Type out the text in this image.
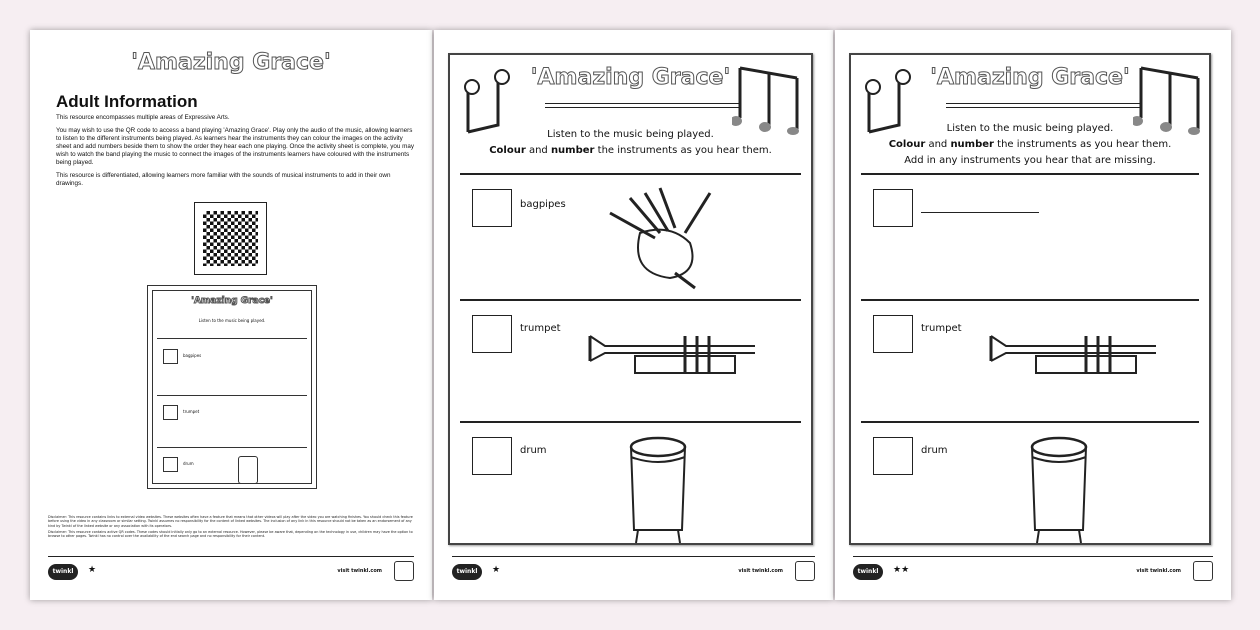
'Amazing Grace'
Adult Information

This resource encompasses multiple areas of Expressive Arts.

You may wish to use the QR code to access a band playing 'Amazing Grace'. Play only the audio of the music, allowing learners to listen to the different instruments being played. As learners hear the instruments they can colour the images on the activity sheet and add numbers beside them to show the order they hear each one playing. Once the activity sheet is complete, you may wish to watch the band playing the music to connect the images of the instruments learners have coloured with the instruments being played.

This resource is differentiated, allowing learners more familiar with the sounds of musical instruments to add in their own drawings.

'Amazing Grace'
Listen to the music being played.
bagpipes
trumpet
drum

Disclaimer: This resource contains links to external video websites. These websites often have a feature that means that other videos will play after the video you are watching finishes. You should check this feature before using the video in any classroom or similar setting. Twinkl assumes no responsibility for the content of linked websites. The inclusion of any link in this resource should not be taken as an endorsement of any kind by Twinkl of the linked website or any association with its operators.

Disclaimer: This resource contains active QR codes. These codes should initially only go to an external resource. However, please be aware that, depending on the technology in use, children may have the option to browse to other pages. Twinkl has no control over the availability of the end search page and no responsibility for their content.

twinkl	★	visit twinkl.com
'Amazing Grace'
Listen to the music being played.
Colour and number the instruments as you hear them.
bagpipes
trumpet
drum
twinkl	★	visit twinkl.com
'Amazing Grace'
Listen to the music being played.
Colour and number the instruments as you hear them.
Add in any instruments you hear that are missing.
trumpet
drum
twinkl	★★	visit twinkl.com
